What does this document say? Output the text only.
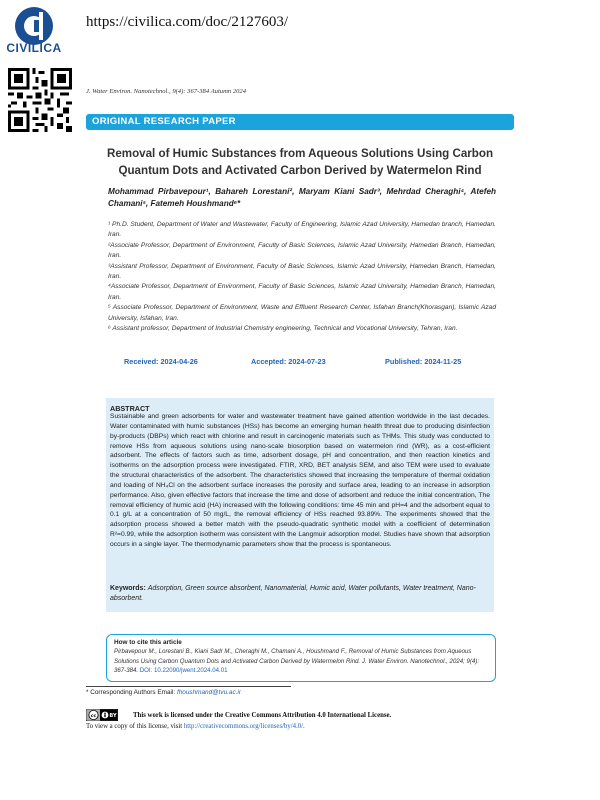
CIVILICA
https://civilica.com/doc/2127603/
J. Water Environ. Nanotechnol., 9(4): 367-384 Autumn 2024
ORIGINAL RESEARCH PAPER
Removal of Humic Substances from Aqueous Solutions Using Carbon Quantum Dots and Activated Carbon Derived by Watermelon Rind
Mohammad Pirbavepour¹, Bahareh Lorestani², Maryam Kiani Sadr³, Mehrdad Cheraghi⁴, Atefeh Chamani⁵, Fatemeh Houshmand⁶*

¹ Ph.D. Student, Department of Water and Wastewater, Faculty of Engineering, Islamic Azad University, Hamedan branch, Hamedan. Iran.

²Associate Professor, Department of Environment, Faculty of Basic Sciences, Islamic Azad University, Hamedan Branch, Hamedan, Iran.

³Assistant Professor, Department of Environment, Faculty of Basic Sciences, Islamic Azad University, Hamedan Branch, Hamedan, Iran.

⁴Associate Professor, Department of Environment, Faculty of Basic Sciences, Islamic Azad University, Hamedan Branch, Hamedan, Iran.

⁵ Associate Professor, Department of Environment, Waste and Effluent Research Center, Isfahan Branch(Khorasgan), Islamic Azad University, Isfahan, Iran.

⁶ Assistant professor, Department of Industrial Chemistry engineering, Technical and Vocational University, Tehran, Iran.

Received: 2024-04-26	Accepted: 2024-07-23	Published: 2024-11-25
ABSTRACT
Sustainable and green adsorbents for water and wastewater treatment have gained attention worldwide in the last decades. Water contaminated with humic substances (HSs) has become an emerging human health threat due to producing disinfection by-products (DBPs) which react with chlorine and result in carcinogenic materials such as THMs. This study was conducted to remove HSs from aqueous solutions using nano-scale biosorption based on watermelon rind (WR), as a cost-efficient adsorbent. The effects of factors such as time, adsorbent dosage, pH and concentration, and then reaction kinetics and isotherms on the adsorption process were investigated. FTIR, XRD, BET analysis SEM, and also TEM were used to evaluate the structural characteristics of the adsorbent. The characteristics showed that increasing the temperature of thermal oxidation and loading of NH₄Cl on the adsorbent surface increases the porosity and surface area, leading to an increase in adsorption performance. Also, given effective factors that increase the time and dose of adsorbent and reduce the initial concentration, The removal efficiency of humic acid (HA) increased with the following conditions: time 45 min and pH=4 and the adsorbent equal to 0.1 g/L at a concentration of 50 mg/L, the removal efficiency of HSs reached 93.89%. The experiments showed that the adsorption process showed a better match with the pseudo-quadratic synthetic model with a coefficient of determination R²=0.99, while the adsorption isotherm was consistent with the Langmuir adsorption model. Studies have shown that adsorption occurs in a single layer. The thermodynamic parameters show that the process is spontaneous.
Keywords: Adsorption, Green source absorbent, Nanomaterial, Humic acid, Water pollutants, Water treatment, Nano-absorbent.
How to cite this article
Pirbavepour M., Lorestani B., Kiani Sadr M., Cheraghi M., Chamani A., Houshmand F., Removal of Humic Substances from Aqueous Solutions Using Carbon Quantum Dots and Activated Carbon Derived by Watermelon Rind. J. Water Environ. Nanotechnol., 2024; 9(4): 367-384. DOI: 10.22090/jwent.2024.04.01
* Corresponding Authors Email: fhoushmand@tvu.ac.ir
cc	BY This work is licensed under the Creative Commons Attribution 4.0 International License.
To view a copy of this license, visit http://creativecommons.org/licenses/by/4.0/.
